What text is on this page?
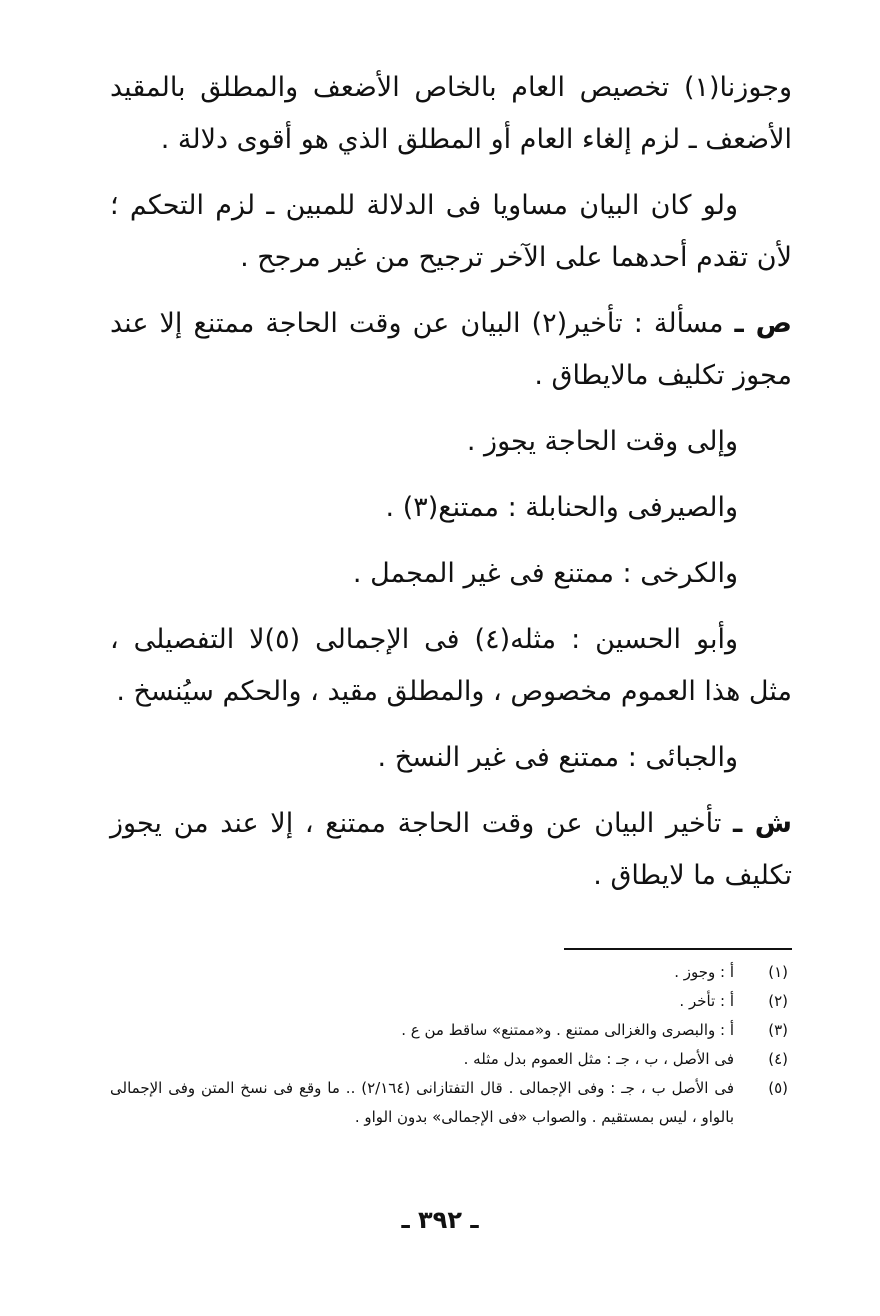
وجوزنا(١) تخصيص العام بالخاص الأضعف والمطلق بالمقيد الأضعف ـ لزم إلغاء العام أو المطلق الذي هو أقوى دلالة .

ولو كان البيان مساويا فى الدلالة للمبين ـ لزم التحكم ؛ لأن تقدم أحدهما على الآخر ترجيح من غير مرجح .

ص ـ مسألة : تأخير(٢) البيان عن وقت الحاجة ممتنع إلا عند مجوز تكليف مالايطاق .

وإلى وقت الحاجة يجوز .

والصيرفى والحنابلة : ممتنع(٣) .

والكرخى : ممتنع فى غير المجمل .

وأبو الحسين : مثله(٤) فى الإجمالى (٥)لا التفصيلى ، مثل هذا العموم مخصوص ، والمطلق مقيد ، والحكم سيُنسخ .

والجبائى : ممتنع فى غير النسخ .

ش ـ تأخير البيان عن وقت الحاجة ممتنع ، إلا عند من يجوز تكليف ما لايطاق .

(١)
أ : وجوز .
(٢)
أ : تأخر .
(٣)
أ : والبصرى والغزالى ممتنع . و«ممتنع» ساقط من ع .
(٤)
فى الأصل ، ب ، جـ : مثل العموم بدل مثله .
(٥)
فى الأصل ب ، جـ : وفى الإجمالى . قال التفتازانى (٢/١٦٤) .. ما وقع فى نسخ المتن وفى الإجمالى بالواو ، ليس بمستقيم . والصواب «فى الإجمالى» بدون الواو .
ـ ٣٩٢ ـ
